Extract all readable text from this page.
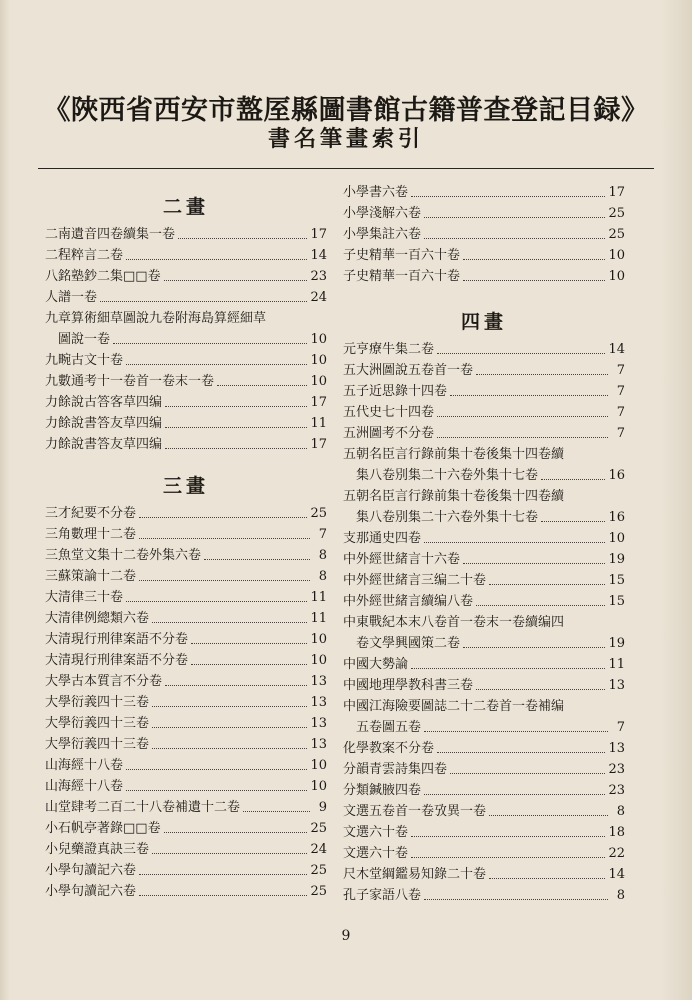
《陜西省西安市盩厔縣圖書館古籍普查登記目録》
書名筆畫索引
二畫
二南遺音四卷續集一卷	17
二程粹言二卷	14
八銘塾鈔二集□□卷	23
人譜一卷	24
九章算術細草圖說九卷附海島算經細草
圖說一卷	10
九畹古文十卷	10
九數通考十一卷首一卷末一卷	10
力餘說古答客草四编	17
力餘說書答友草四编	11
力餘說書答友草四编	17
三畫
三才紀要不分卷	25
三角數理十二卷	7
三魚堂文集十二卷外集六卷	8
三蘇策論十二卷	8
大清律三十卷	11
大清律例總類六卷	11
大清現行刑律案語不分卷	10
大清現行刑律案語不分卷	10
大學古本質言不分卷	13
大學衍義四十三卷	13
大學衍義四十三卷	13
大學衍義四十三卷	13
山海經十八卷	10
山海經十八卷	10
山堂肆考二百二十八卷補遺十二卷	9
小石帆亭著錄□□卷	25
小兒藥證真訣三卷	24
小學句讀記六卷	25
小學句讀記六卷	25
小學書六卷	17
小學淺解六卷	25
小學集註六卷	25
子史精華一百六十卷	10
子史精華一百六十卷	10
四畫
元亨療牛集二卷	14
五大洲圖說五卷首一卷	7
五子近思錄十四卷	7
五代史七十四卷	7
五洲圖考不分卷	7
五朝名臣言行錄前集十卷後集十四卷續
集八卷別集二十六卷外集十七卷	16
五朝名臣言行錄前集十卷後集十四卷續
集八卷別集二十六卷外集十七卷	16
支那通史四卷	10
中外經世緒言十六卷	19
中外經世緒言三编二十卷	15
中外經世緒言續编八卷	15
中東戰紀本末八卷首一卷末一卷續编四
卷文學興國策二卷	19
中國大勢論	11
中國地理學教科書三卷	13
中國江海險要圖誌二十二卷首一卷補编
五卷圖五卷	7
化學教案不分卷	13
分韻青雲詩集四卷	23
分類鍼腋四卷	23
文選五卷首一卷攷異一卷	8
文選六十卷	18
文選六十卷	22
尺木堂綱鑑易知錄二十卷	14
孔子家語八卷	8
9
